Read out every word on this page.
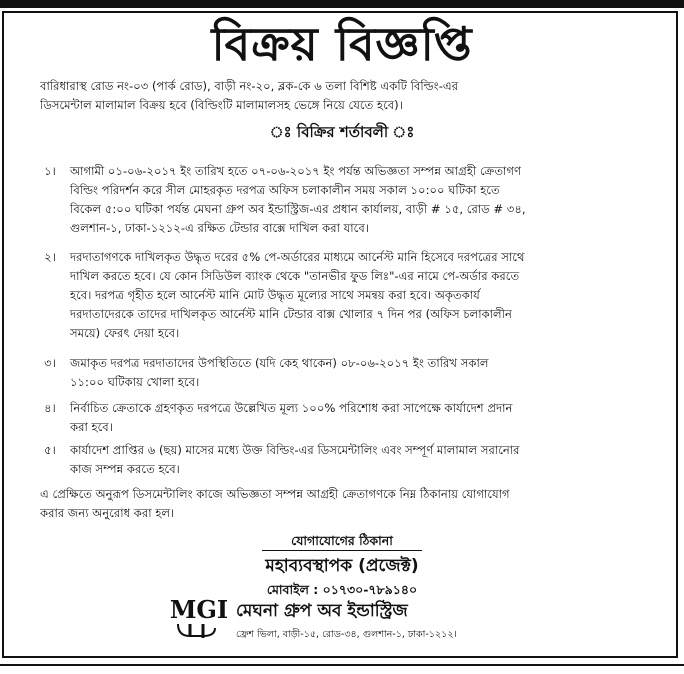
বিক্রয় বিজ্ঞপ্তি
বারিধারাস্থ রোড নং-০৩ (পার্ক রোড), বাড়ী নং-২০, ব্লক-কে ৬ তলা বিশিষ্ট একটি বিল্ডিং-এর
ডিসমেন্টাল মালামাল বিক্রয় হবে (বিল্ডিংটি মালামালসহ ভেঙ্গে নিয়ে যেতে হবে)।
ঃ বিক্রির শর্তাবলী ঃ
১।	আগামী ০১-০৬-২০১৭ ইং তারিখ হতে ০৭-০৬-২০১৭ ইং পর্যন্ত অভিজ্ঞতা সম্পন্ন আগ্রহী ক্রেতাগণ
বিল্ডিং পরিদর্শন করে সীল মোহরকৃত দরপত্র অফিস চলাকালীন সময় সকাল ১০:০০ ঘটিকা হতে
বিকেল ৫:০০ ঘটিকা পর্যন্ত মেঘনা গ্রুপ অব ইন্ডাস্ট্রিজ-এর প্রধান কার্যালয়, বাড়ী # ১৫, রোড # ৩৪,
গুলশান-১, ঢাকা-১২১২-এ রক্ষিত টেন্ডার বাক্সে দাখিল করা যাবে।
২।	দরদাতাগণকে দাখিলকৃত উদ্ধৃত দরের ৫% পে-অর্ডারের মাধ্যমে আর্নেস্ট মানি হিসেবে দরপত্রের সাথে
দাখিল করতে হবে। যে কোন সিডিউল ব্যাংক থেকে "তানভীর ফুড লিঃ"-এর নামে পে-অর্ডার করতে
হবে। দরপত্র গৃহীত হলে আর্নেস্ট মানি মোট উদ্ধৃত মূল্যের সাথে সমন্বয় করা হবে। অকৃতকার্য
দরদাতাদেরকে তাদের দাখিলকৃত আর্নেস্ট মানি টেন্ডার বাক্স খোলার ৭ দিন পর (অফিস চলাকালীন
সময়ে) ফেরৎ দেয়া হবে।
৩।	জমাকৃত দরপত্র দরদাতাদের উপস্থিতিতে (যদি কেহ থাকেন) ০৮-০৬-২০১৭ ইং তারিখ সকাল
১১:০০ ঘটিকায় খোলা হবে।
৪।	নির্বাচিত ক্রেতাকে গ্রহণকৃত দরপত্রে উল্লেখিত মূল্য ১০০% পরিশোধ করা সাপেক্ষে কার্যাদেশ প্রদান
করা হবে।
৫।	কার্যাদেশ প্রাপ্তির ৬ (ছয়) মাসের মধ্যে উক্ত বিল্ডিং-এর ডিসমেন্টালিং এবং সম্পূর্ণ মালামাল সরানোর
কাজ সম্পন্ন করতে হবে।
এ প্রেক্ষিতে অনুরূপ ডিসমেন্টালিং কাজে অভিজ্ঞতা সম্পন্ন আগ্রহী ক্রেতাগণকে নিম্ন ঠিকানায় যোগাযোগ
করার জন্য অনুরোধ করা হল।
যোগাযোগের ঠিকানা
মহাব্যবস্থাপক (প্রজেক্ট)
মোবাইল : ০১৭৩০-৭৮৯১৪০
MGI মেঘনা গ্রুপ অব ইন্ডাস্ট্রিজ
ফ্রেশ ভিলা, বাড়ী-১৫, রোড-৩৪, গুলশান-১, ঢাকা-১২১২।
